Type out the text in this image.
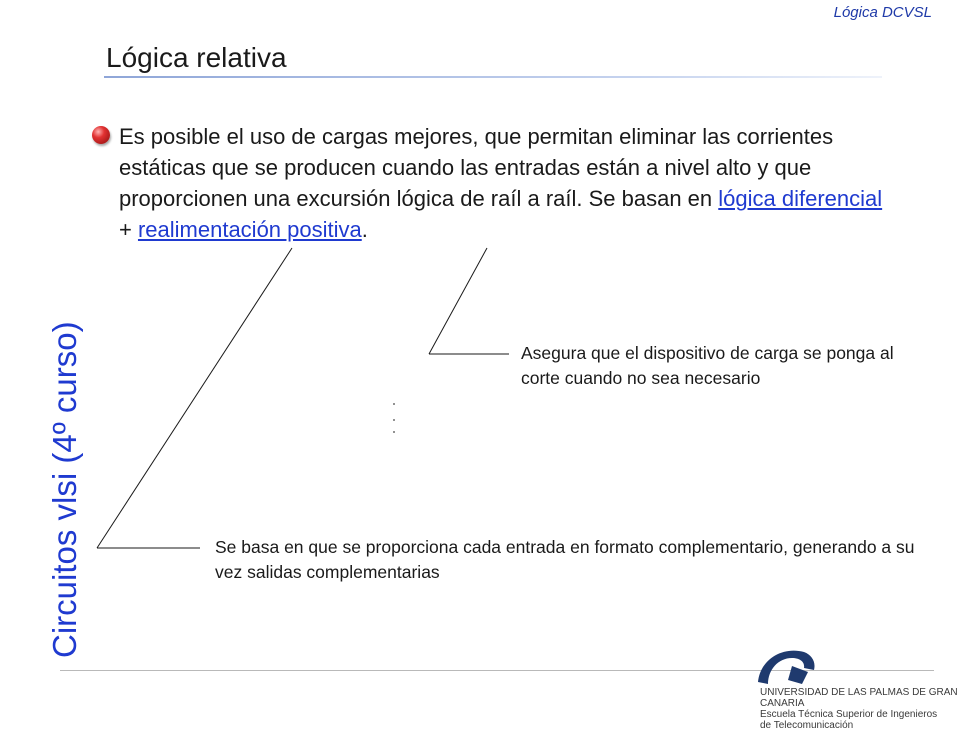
Lógica DCVSL
Lógica relativa
Circuitos vlsi (4º curso)
Es posible el uso de cargas mejores, que permitan eliminar las corrientes estáticas que se producen cuando las entradas están a nivel alto y que proporcionen una excursión lógica de raíl a raíl. Se basan en lógica diferencial + realimentación positiva.
Asegura que el dispositivo de carga se ponga al corte cuando no sea necesario
Se basa en que se proporciona cada entrada en formato complementario, generando a su vez salidas complementarias
UNIVERSIDAD DE LAS PALMAS DE GRAN CANARIA
Escuela Técnica Superior de Ingenieros
de Telecomunicación
